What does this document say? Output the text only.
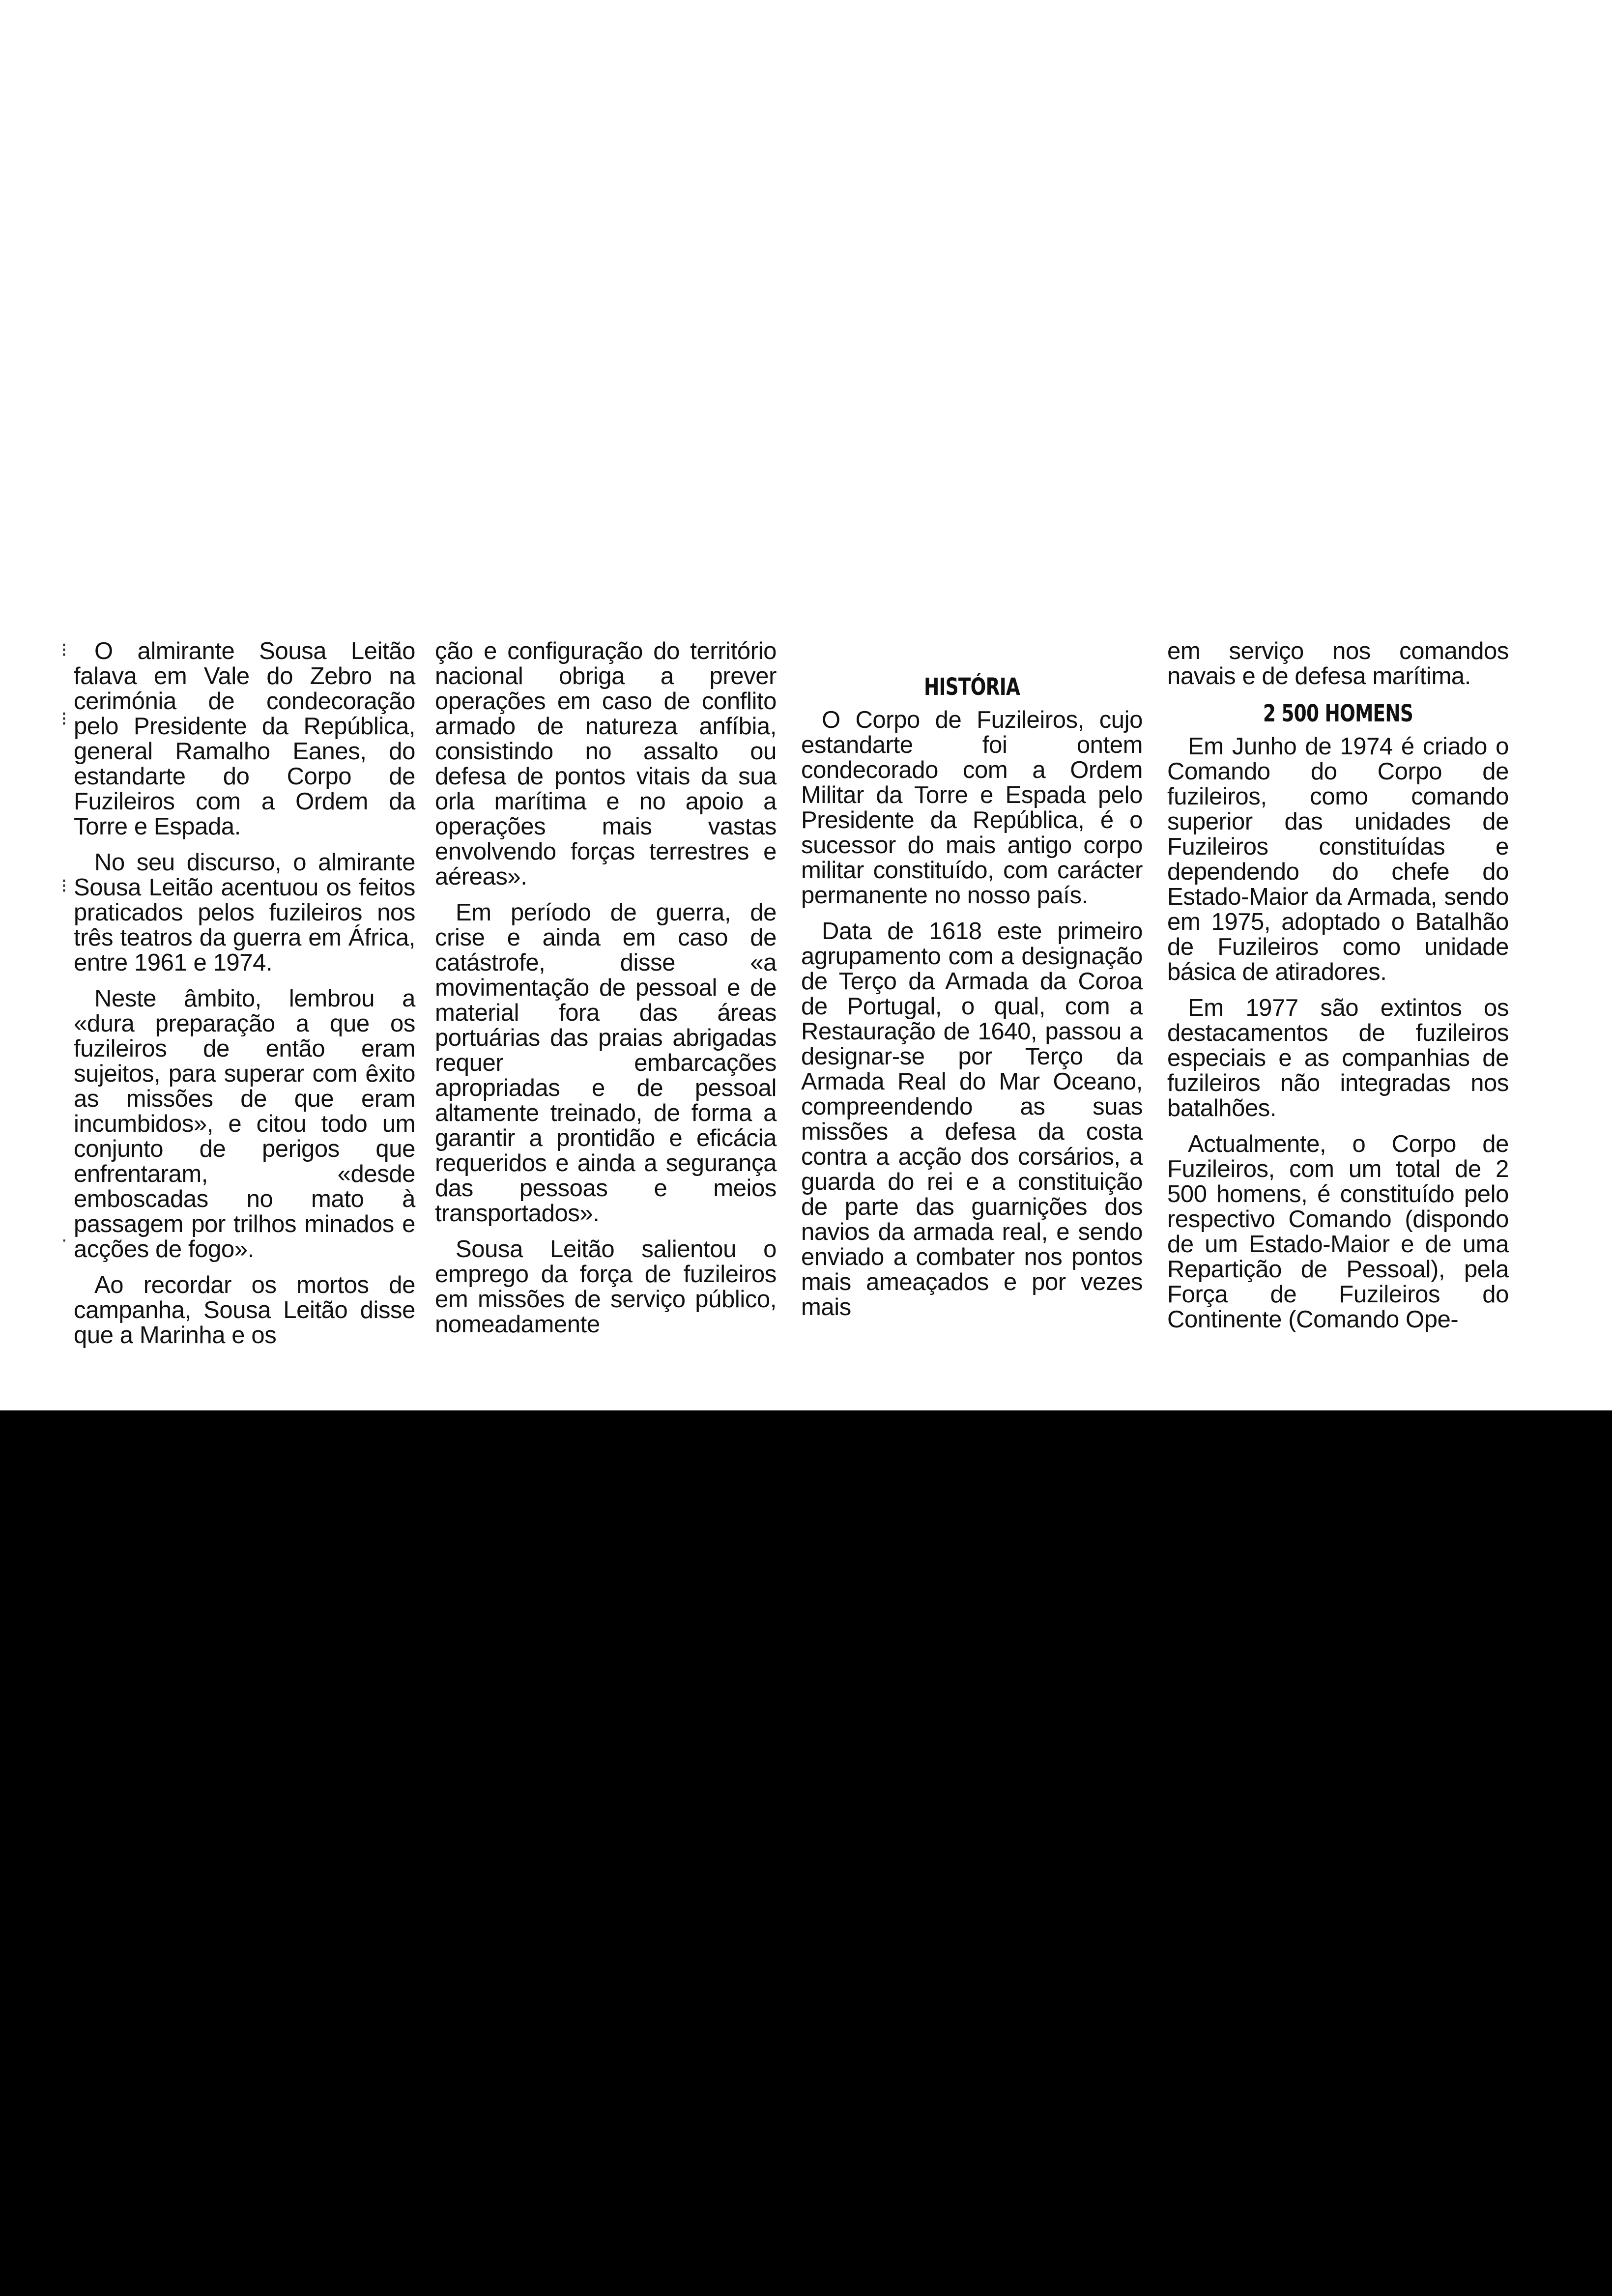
⁝
⁝
⁝
·

O almirante Sousa Leitão falava em Vale do Zebro na cerimónia de condecoração pelo Presidente da República, general Ramalho Eanes, do estandarte do Corpo de Fuzileiros com a Ordem da Torre e Espada.

No seu discurso, o almirante Sousa Leitão acentuou os feitos praticados pelos fuzileiros nos três teatros da guerra em África, entre 1961 e 1974.

Neste âmbito, lembrou a «dura preparação a que os fuzileiros de então eram sujeitos, para superar com êxito as missões de que eram incumbidos», e citou todo um conjunto de perigos que enfrentaram, «desde emboscadas no mato à passagem por trilhos minados e acções de fogo».

Ao recordar os mortos de campanha, Sousa Leitão disse que a Marinha e os

ção e configuração do território nacional obriga a prever operações em caso de conflito armado de natureza anfíbia, consistindo no assalto ou defesa de pontos vitais da sua orla marítima e no apoio a operações mais vastas envolvendo forças terrestres e aéreas».

Em período de guerra, de crise e ainda em caso de catástrofe, disse «a movimentação de pessoal e de material fora das áreas portuárias das praias abrigadas requer embarcações apropriadas e de pessoal altamente treinado, de forma a garantir a prontidão e eficácia requeridos e ainda a segurança das pessoas e meios transportados».

Sousa Leitão salientou o emprego da força de fuzileiros em missões de serviço público, nomeadamente

HISTÓRIA

O Corpo de Fuzileiros, cujo estandarte foi ontem condecorado com a Ordem Militar da Torre e Espada pelo Presidente da República, é o sucessor do mais antigo corpo militar constituído, com carácter permanente no nosso país.

Data de 1618 este primeiro agrupamento com a designação de Terço da Armada da Coroa de Portugal, o qual, com a Restauração de 1640, passou a designar-se por Terço da Armada Real do Mar Oceano, compreendendo as suas missões a defesa da costa contra a acção dos corsários, a guarda do rei e a constituição de parte das guarnições dos navios da armada real, e sendo enviado a combater nos pontos mais ameaçados e por vezes mais

em serviço nos comandos navais e de defesa marítima.

2 500 HOMENS

Em Junho de 1974 é criado o Comando do Corpo de fuzileiros, como comando superior das unidades de Fuzileiros constituídas e dependendo do chefe do Estado-Maior da Armada, sendo em 1975, adoptado o Batalhão de Fuzileiros como unidade básica de atiradores.

Em 1977 são extintos os destacamentos de fuzileiros especiais e as companhias de fuzileiros não integradas nos batalhões.

Actualmente, o Corpo de Fuzileiros, com um total de 2 500 homens, é constituído pelo respectivo Comando (dispondo de um Estado-Maior e de uma Repartição de Pessoal), pela Força de Fuzileiros do Continente (Comando Ope-
